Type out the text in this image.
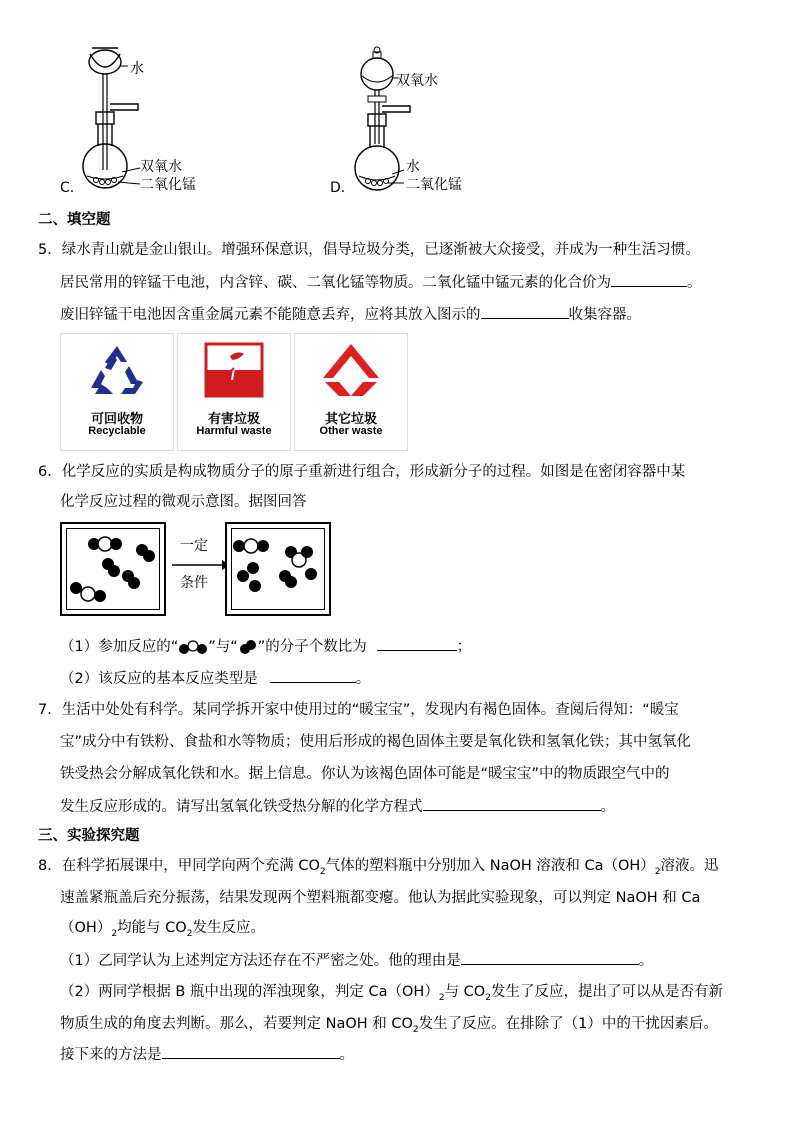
水
双氧水
二氧化锰
C.
双氧水
水
二氧化锰
D.
二、填空题
5．绿水青山就是金山银山。增强环保意识，倡导垃圾分类，已逐渐被大众接受，并成为一种生活习惯。
居民常用的锌锰干电池，内含锌、碳、二氧化锰等物质。二氧化锰中锰元素的化合价为	。
废旧锌锰干电池因含重金属元素不能随意丢弃，应将其放入图示的	收集容器。
可回收物
Recyclable
有害垃圾
Harmful waste
其它垃圾
Other waste
6．化学反应的实质是构成物质分子的原子重新进行组合，形成新分子的过程。如图是在密闭容器中某
化学反应过程的微观示意图。据图回答
一定
条件
（1）参加反应的“ ”与“ ”的分子个数比为	；
（2）该反应的基本反应类型是	。
7．生活中处处有科学。某同学拆开家中使用过的“暖宝宝”，发现内有褐色固体。查阅后得知：“暖宝
宝”成分中有铁粉、食盐和水等物质；使用后形成的褐色固体主要是氧化铁和氢氧化铁；其中氢氧化
铁受热会分解成氧化铁和水。据上信息。你认为该褐色固体可能是“暖宝宝”中的物质跟空气中的
发生反应形成的。请写出氢氧化铁受热分解的化学方程式	。
三、实验探究题
8．在科学拓展课中，甲同学向两个充满 $CO_2$气体的塑料瓶中分别加入 NaOH 溶液和 $Ca(OH)_2$溶液。迅
速盖紧瓶盖后充分振荡，结果发现两个塑料瓶都变瘪。他认为据此实验现象，可以判定 NaOH 和 Ca
$(OH)_2$均能与 $CO_2$发生反应。
（1）乙同学认为上述判定方法还存在不严密之处。他的理由是	。
（2）两同学根据 B 瓶中出现的浑浊现象，判定 $Ca(OH)_2$与 $CO_2$发生了反应，提出了可以从是否有新
物质生成的角度去判断。那么，若要判定 NaOH 和 $CO_2$发生了反应。在排除了（1）中的干扰因素后。
接下来的方法是	。
